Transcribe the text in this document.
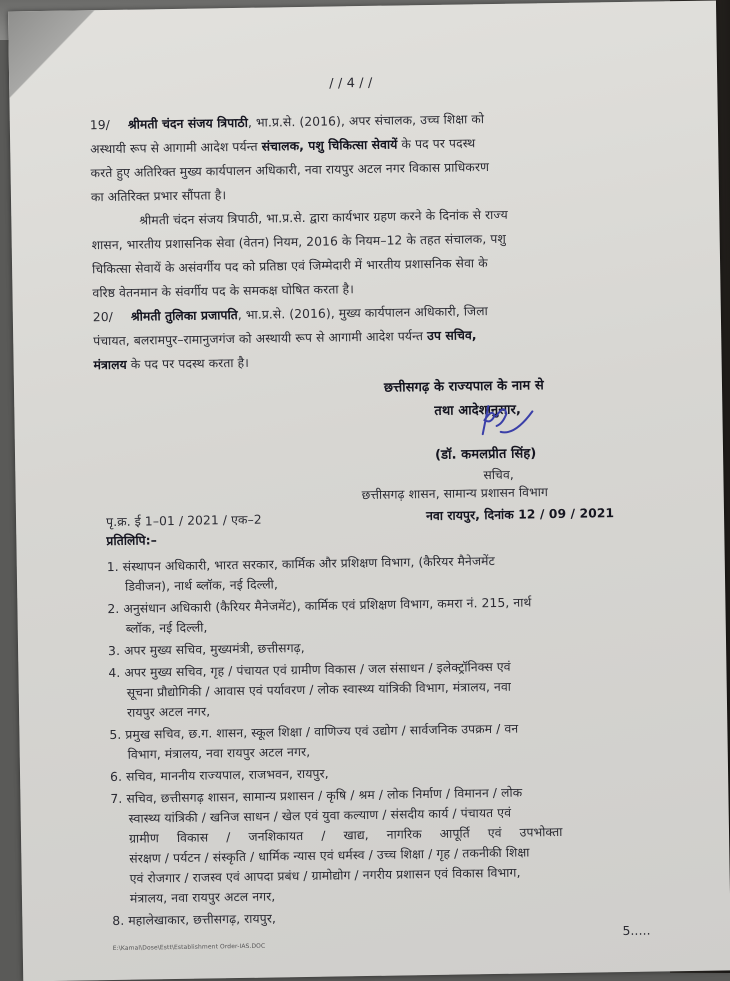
/ / 4 / /
19/ श्रीमती चंदन संजय त्रिपाठी, भा.प्र.से. (2016), अपर संचालक, उच्च शिक्षा को
अस्थायी रूप से आगामी आदेश पर्यन्त संचालक, पशु चिकित्सा सेवायें के पद पर पदस्थ
करते हुए अतिरिक्त मुख्य कार्यपालन अधिकारी, नवा रायपुर अटल नगर विकास प्राधिकरण
का अतिरिक्त प्रभार सौंपता है।
श्रीमती चंदन संजय त्रिपाठी, भा.प्र.से. द्वारा कार्यभार ग्रहण करने के दिनांक से राज्य
शासन, भारतीय प्रशासनिक सेवा (वेतन) नियम, 2016 के नियम–12 के तहत संचालक, पशु
चिकित्सा सेवायें के असंवर्गीय पद को प्रतिष्ठा एवं जिम्मेदारी में भारतीय प्रशासनिक सेवा के
वरिष्ठ वेतनमान के संवर्गीय पद के समकक्ष घोषित करता है।
20/ श्रीमती तुलिका प्रजापति, भा.प्र.से. (2016), मुख्य कार्यपालन अधिकारी, जिला
पंचायत, बलरामपुर–रामानुजगंज को अस्थायी रूप से आगामी आदेश पर्यन्त उप सचिव,
मंत्रालय के पद पर पदस्थ करता है।
छत्तीसगढ़ के राज्यपाल के नाम से
तथा आदेशानुसार,
(डॉ. कमलप्रीत सिंह)
सचिव,
छत्तीसगढ़ शासन, सामान्य प्रशासन विभाग
पृ.क्र. ई 1–01 / 2021 / एक–2	नवा रायपुर, दिनांक 12 / 09 / 2021
प्रतिलिपि:–
1. संस्थापन अधिकारी, भारत सरकार, कार्मिक और प्रशिक्षण विभाग, (कैरियर मैनेजमेंट
डिवीजन), नार्थ ब्लॉक, नई दिल्ली,
2. अनुसंधान अधिकारी (कैरियर मैनेजमेंट), कार्मिक एवं प्रशिक्षण विभाग, कमरा नं. 215, नार्थ
ब्लॉक, नई दिल्ली,
3. अपर मुख्य सचिव, मुख्यमंत्री, छत्तीसगढ़,
4. अपर मुख्य सचिव, गृह / पंचायत एवं ग्रामीण विकास / जल संसाधन / इलेक्ट्रॉनिक्स एवं
सूचना प्रौद्योगिकी / आवास एवं पर्यावरण / लोक स्वास्थ्य यांत्रिकी विभाग, मंत्रालय, नवा
रायपुर अटल नगर,
5. प्रमुख सचिव, छ.ग. शासन, स्कूल शिक्षा / वाणिज्य एवं उद्योग / सार्वजनिक उपक्रम / वन
विभाग, मंत्रालय, नवा रायपुर अटल नगर,
6. सचिव, माननीय राज्यपाल, राजभवन, रायपुर,
7. सचिव, छत्तीसगढ़ शासन, सामान्य प्रशासन / कृषि / श्रम / लोक निर्माण / विमानन / लोक
स्वास्थ्य यांत्रिकी / खनिज साधन / खेल एवं युवा कल्याण / संसदीय कार्य / पंचायत एवं
ग्रामीण विकास / जनशिकायत / खाद्य, नागरिक आपूर्ति एवं उपभोक्ता
संरक्षण / पर्यटन / संस्कृति / धार्मिक न्यास एवं धर्मस्व / उच्च शिक्षा / गृह / तकनीकी शिक्षा
एवं रोजगार / राजस्व एवं आपदा प्रबंध / ग्रामोद्योग / नगरीय प्रशासन एवं विकास विभाग,
मंत्रालय, नवा रायपुर अटल नगर,
8. महालेखाकार, छत्तीसगढ़, रायपुर,
5.....
E:\Kamal\Dose\Estt\Establishment Order-IAS.DOC
